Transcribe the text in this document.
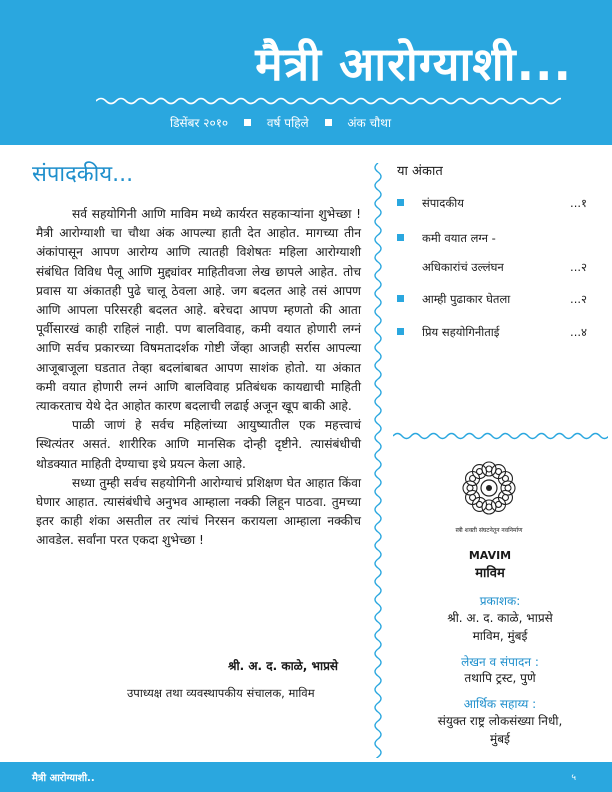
मैत्री आरोग्याशी...
डिसेंबर २०१०	वर्ष पहिले	अंक चौथा
संपादकीय...

सर्व सहयोगिनी आणि माविम मध्ये कार्यरत सहकाऱ्यांना शुभेच्छा ! मैत्री आरोग्याशी चा चौथा अंक आपल्या हाती देत आहोत. मागच्या तीन अंकांपासून आपण आरोग्य आणि त्यातही विशेषतः महिला आरोग्याशी संबंधित विविध पैलू आणि मुद्द्यांवर माहितीवजा लेख छापले आहेत. तोच प्रवास या अंकातही पुढे चालू ठेवला आहे. जग बदलत आहे तसं आपण आणि आपला परिसरही बदलत आहे. बरेचदा आपण म्हणतो की आता पूर्वीसारखं काही राहिलं नाही. पण बालविवाह, कमी वयात होणारी लग्नं आणि सर्वच प्रकारच्या विषमतादर्शक गोष्टी जेंव्हा आजही सर्रास आपल्या आजूबाजूला घडतात तेव्हा बदलांबाबत आपण साशंक होतो. या अंकात कमी वयात होणारी लग्नं आणि बालविवाह प्रतिबंधक कायद्याची माहिती त्याकरताच येथे देत आहोत कारण बदलाची लढाई अजून खूप बाकी आहे.

पाळी जाणं हे सर्वच महिलांच्या आयुष्यातील एक महत्त्वाचं स्थित्यंतर असतं. शारीरिक आणि मानसिक दोन्ही दृष्टीने. त्यासंबंधीची थोडक्यात माहिती देण्याचा इथे प्रयत्न केला आहे.

सध्या तुम्ही सर्वच सहयोगिनी आरोग्याचं प्रशिक्षण घेत आहात किंवा घेणार आहात. त्यासंबंधीचे अनुभव आम्हाला नक्की लिहून पाठवा. तुमच्या इतर काही शंका असतील तर त्यांचं निरसन करायला आम्हाला नक्कीच आवडेल. सर्वांना परत एकदा शुभेच्छा !

श्री. अ. द. काळे, भाप्रसे
उपाध्यक्ष तथा व्यवस्थापकीय संचालक, माविम
या अंकात
संपादकीय	...१
कमी वयात लग्न -
अधिकारांचं उल्लंघन	...२
आम्ही पुढाकार घेतला	...२
प्रिय सहयोगिनीताई	...४
स्त्री शक्ती संघटनेतून नवनिर्माण
MAVIM
माविम
प्रकाशक:
श्री. अ. द. काळे, भाप्रसे
माविम, मुंबई
लेखन व संपादन :
तथापि ट्रस्ट, पुणे
आर्थिक सहाय्य :
संयुक्त राष्ट्र लोकसंख्या निधी,
मुंबई
मैत्री आरोग्याशी..	५
